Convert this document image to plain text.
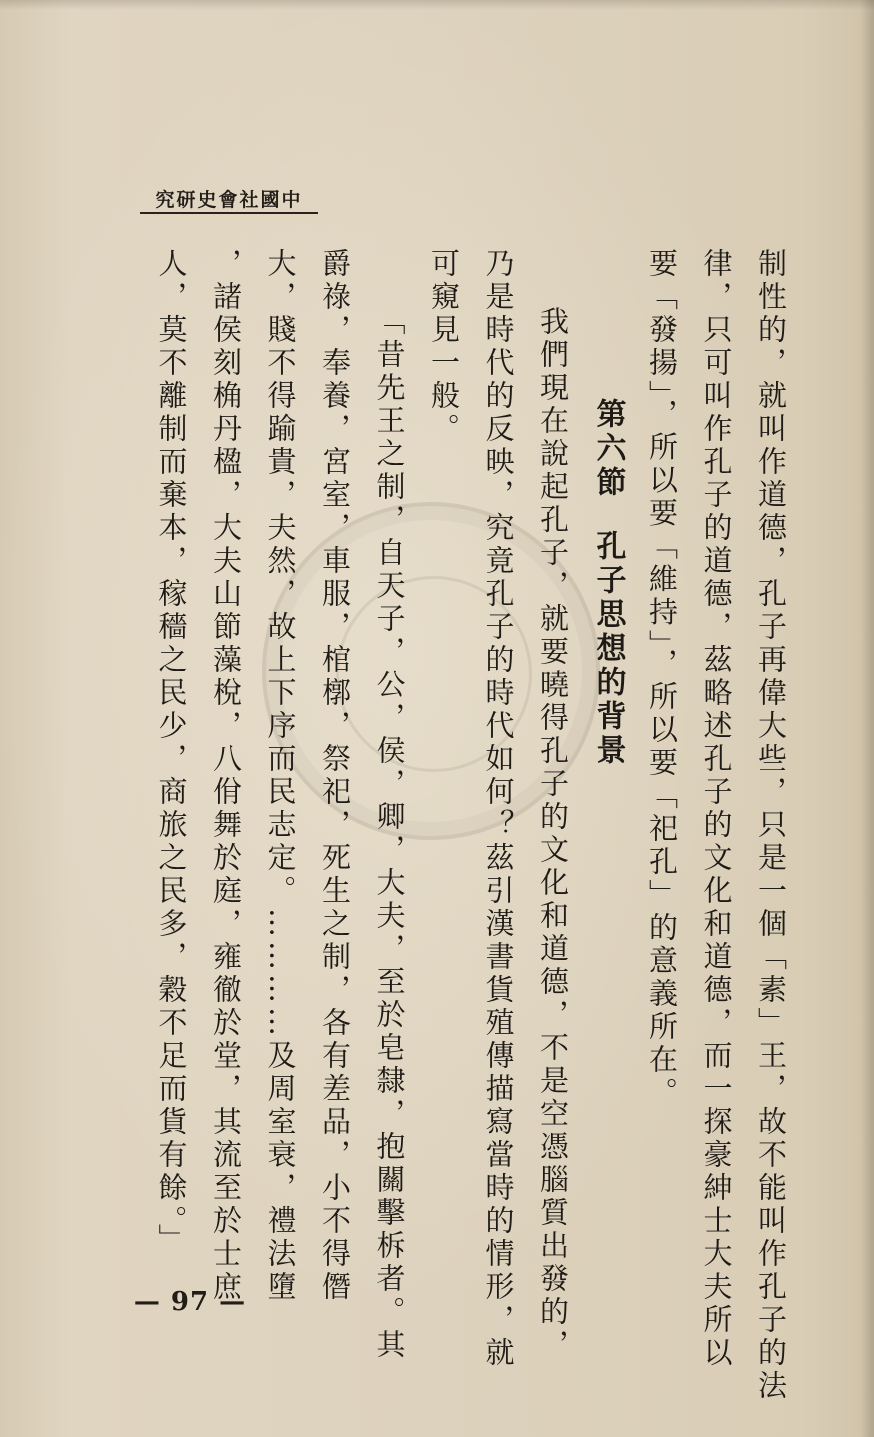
中國社會史研究
制性的，就叫作道德，孔子再偉大些，只是一個「素」王，故不能叫作孔子的法
律，只可叫作孔子的道德，茲略述孔子的文化和道德，而一探豪紳士大夫所以
要「發揚」，所以要「維持」，所以要「祀孔」的意義所在。
第六節孔子思想的背景
我們現在說起孔子，就要曉得孔子的文化和道德，不是空憑腦質出發的，
乃是時代的反映，究竟孔子的時代如何？茲引漢書貨殖傳描寫當時的情形，就
可窺見一般。
「昔先王之制，自天子，公，侯，卿，大夫，至於皂隸，抱關擊柝者。其
爵祿，奉養，宮室，車服，棺槨，祭祀，死生之制，各有差品，小不得僭
大，賤不得踰貴，夫然，故上下序而民志定。…………及周室衰，禮法墮
，諸侯刻桷丹楹，大夫山節藻梲，八佾舞於庭，雍徹於堂，其流至於士庶
人，莫不離制而棄本，稼穡之民少，商旅之民多，穀不足而貨有餘。」
— 97 —
